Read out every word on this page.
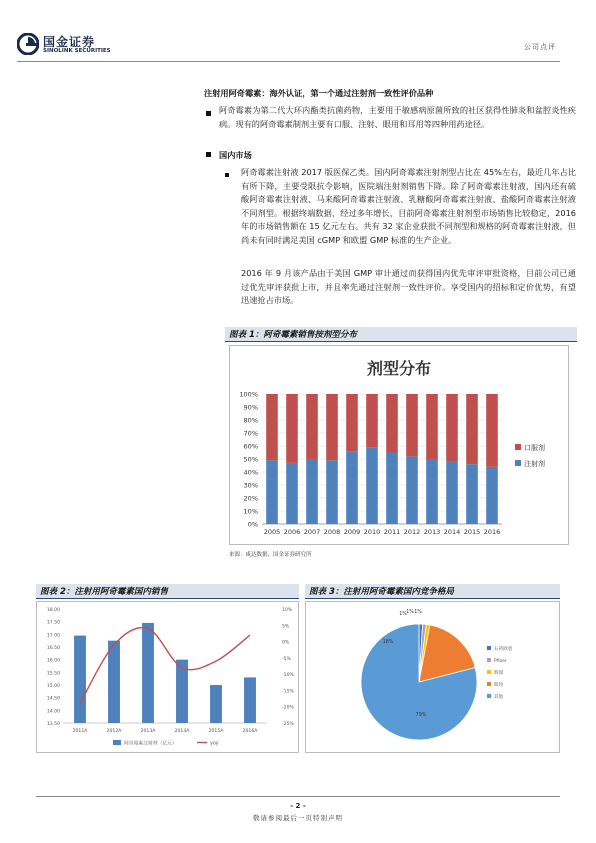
国金证券
SINOLINK SECURITIES	公司点评
注射用阿奇霉素：海外认证，第一个通过注射剂一致性评价品种
阿奇霉素为第二代大环内酯类抗菌药物，主要用于敏感病原菌所致的社区获得性肺炎和盆腔炎性疾病。现有的阿奇霉素制剂主要有口服、注射、眼用和耳用等四种用药途径。
国内市场
阿奇霉素注射液 2017 版医保乙类。国内阿奇霉素注射剂型占比在 45%左右，最近几年占比有所下降，主要受限抗令影响，医院端注射剂销售下降。除了阿奇霉素注射液，国内还有硫酸阿奇霉素注射液、马来酸阿奇霉素注射液、乳糖酸阿奇霉素注射液、盐酸阿奇霉素注射液不同剂型。根据终端数据，经过多年增长，目前阿奇霉素注射剂型市场销售比较稳定，2016 年的市场销售额在 15 亿元左右。共有 32 家企业获批不同剂型和规格的阿奇霉素注射液，但尚未有同时满足美国 cGMP 和欧盟 GMP 标准的生产企业。
2016 年 9 月该产品由于美国 GMP 审计通过而获得国内优先审评审批资格，目前公司已通过优先审评获批上市，并且率先通过注射剂一致性评价。享受国内的招标和定价优势，有望迅速抢占市场。
图表 1：阿奇霉素销售按剂型分布
剂型分布
0%
10%
20%
30%
40%
50%
60%
70%
80%
90%
100%
2005 2006 2007 2008 2009 2010 2011 2012 2013 2014 2015 2016
口服剂
注射剂
来源：咸达数据、国金证券研究所
图表 2：注射用阿奇霉素国内销售
13.50
14.00
14.50
15.00
15.50
16.00
16.50
17.00
17.50
18.00
-25%
-20%
-15%
-10%
-5%
0%
5%
10%
2011A	2012A	2013A	2014A	2015A	2016A
阿奇霉素注射剂（亿元）	yoy
图表 3：注射用阿奇霉素国内竞争格局
1%
1%
1%
18%
79%
石药欧意
Pfizer
辉瑞
晖致
其他
- 2 -
敬请参阅最后一页特别声明
